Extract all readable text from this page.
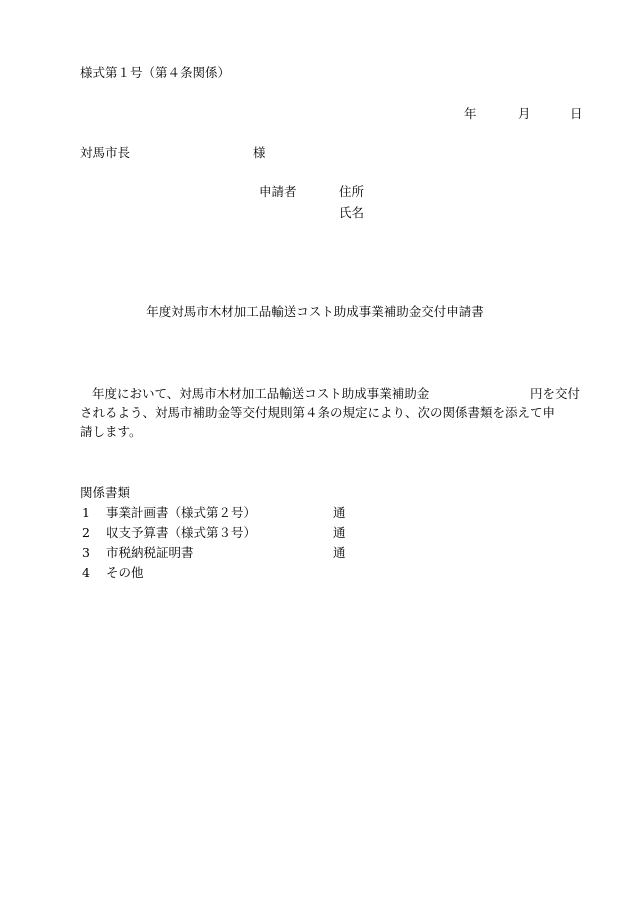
様式第１号（第４条関係）
年	月	日
対馬市長	様
申請者	住所
氏名
年度対馬市木材加工品輸送コスト助成事業補助金交付申請書
年度において、対馬市木材加工品輸送コスト助成事業補助金	円を交付
されるよう、対馬市補助金等交付規則第４条の規定により、次の関係書類を添えて申
請します。
関係書類
1 事業計画書（様式第２号）	通
2 収支予算書（様式第３号）	通
3 市税納税証明書	通
4 その他
